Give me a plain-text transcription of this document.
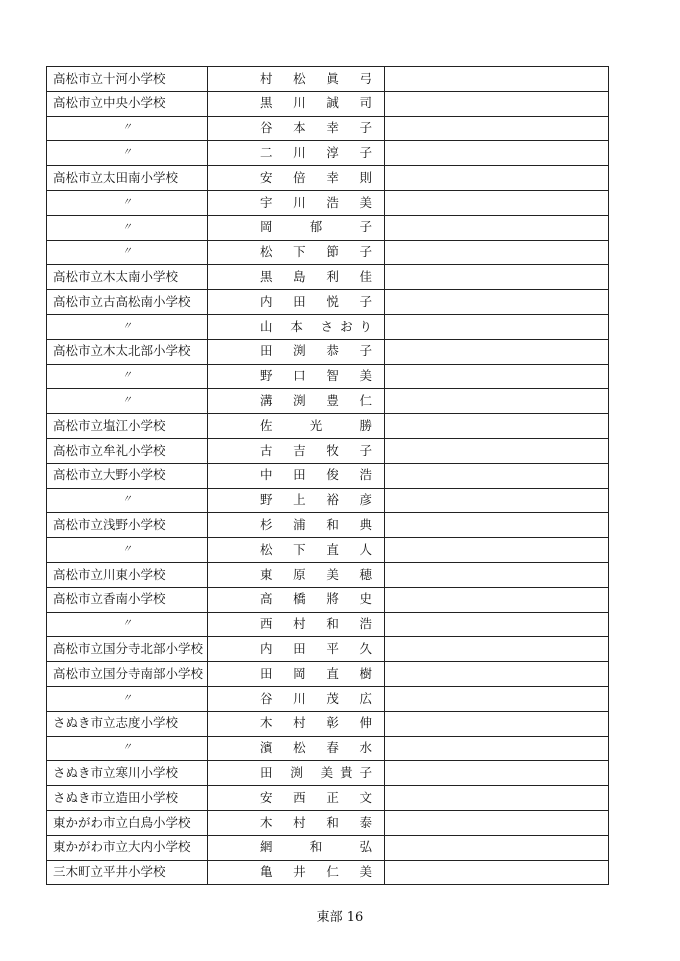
高松市立十河小学校	村 松 眞 弓	
高松市立中央小学校	黒 川 誠 司	
〃	谷 本 幸 子	
〃	二 川 淳 子	
高松市立太田南小学校	安 倍 幸 則	
〃	宇 川 浩 美	
〃	岡 郁 子	
〃	松 下 節 子	
高松市立木太南小学校	黒 島 利 佳	
高松市立古高松南小学校	内 田 悦 子	
〃	山 本 さおり	
高松市立木太北部小学校	田 渕 恭 子	
〃	野 口 智 美	
〃	溝 渕 豊 仁	
高松市立塩江小学校	佐 光 勝	
高松市立牟礼小学校	古 吉 牧 子	
高松市立大野小学校	中 田 俊 浩	
〃	野 上 裕 彦	
高松市立浅野小学校	杉 浦 和 典	
〃	松 下 直 人	
高松市立川東小学校	東 原 美 穂	
高松市立香南小学校	高 橋 將 史	
〃	西 村 和 浩	
高松市立国分寺北部小学校	内 田 平 久	
高松市立国分寺南部小学校	田 岡 直 樹	
〃	谷 川 茂 広	
さぬき市立志度小学校	木 村 彰 伸	
〃	濱 松 春 水	
さぬき市立寒川小学校	田 渕 美貴子	
さぬき市立造田小学校	安 西 正 文	
東かがわ市立白鳥小学校	木 村 和 泰	
東かがわ市立大内小学校	網 和 弘	
三木町立平井小学校	亀 井 仁 美	
東部 16
